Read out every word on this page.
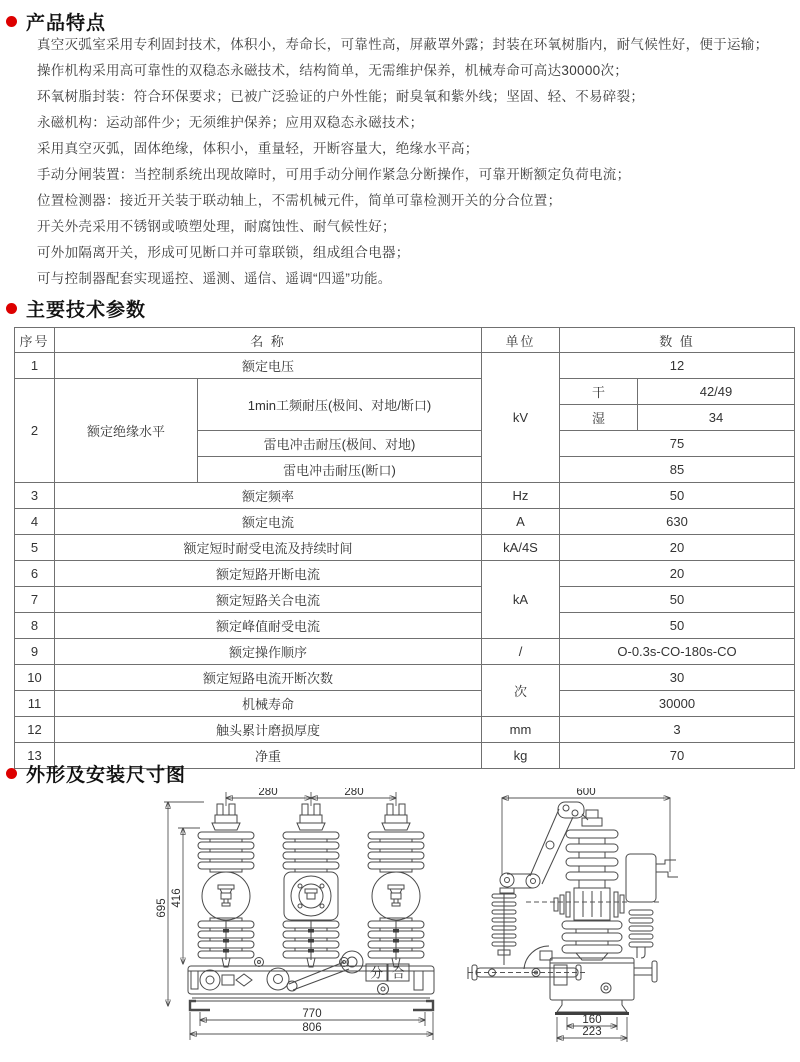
产品特点
真空灭弧室采用专利固封技术，体积小，寿命长，可靠性高，屏蔽罩外露；封装在环氧树脂内，耐气候性好，便于运输；
操作机构采用高可靠性的双稳态永磁技术，结构简单，无需维护保养，机械寿命可高达30000次；
环氧树脂封装：符合环保要求；已被广泛验证的户外性能；耐臭氧和紫外线；坚固、轻、不易碎裂；
永磁机构：运动部件少；无须维护保养；应用双稳态永磁技术；
采用真空灭弧，固体绝缘，体积小，重量轻，开断容量大，绝缘水平高；
手动分闸装置：当控制系统出现故障时，可用手动分闸作紧急分断操作，可靠开断额定负荷电流；
位置检测器：接近开关装于联动轴上，不需机械元件，简单可靠检测开关的分合位置；
开关外壳采用不锈钢或喷塑处理，耐腐蚀性、耐气候性好；
可外加隔离开关，形成可见断口并可靠联锁，组成组合电器；
可与控制器配套实现遥控、遥测、遥信、遥调“四遥”功能。
主要技术参数
序号	名 称		单位	数 值	
1	额定电压		kV	12	
2	额定绝缘水平	1min工频耐压(极间、对地/断口)		干	42/49
				湿	34
		雷电冲击耐压(极间、对地)		75	
		雷电冲击耐压(断口)		85	
3	额定频率		Hz	50	
4	额定电流		A	630	
5	额定短时耐受电流及持续时间		kA/4S	20	
6	额定短路开断电流		kA	20	
7	额定短路关合电流			50	
8	额定峰值耐受电流			50	
9	额定操作顺序		/	O-0.3s-CO-180s-CO	
10	额定短路电流开断次数		次	30	
11	机械寿命			30000	
12	触头累计磨损厚度		mm	3	
13	净重		kg	70	
外形及安装尺寸图
分 合
280	280
695
416
770
806
600
160
223
